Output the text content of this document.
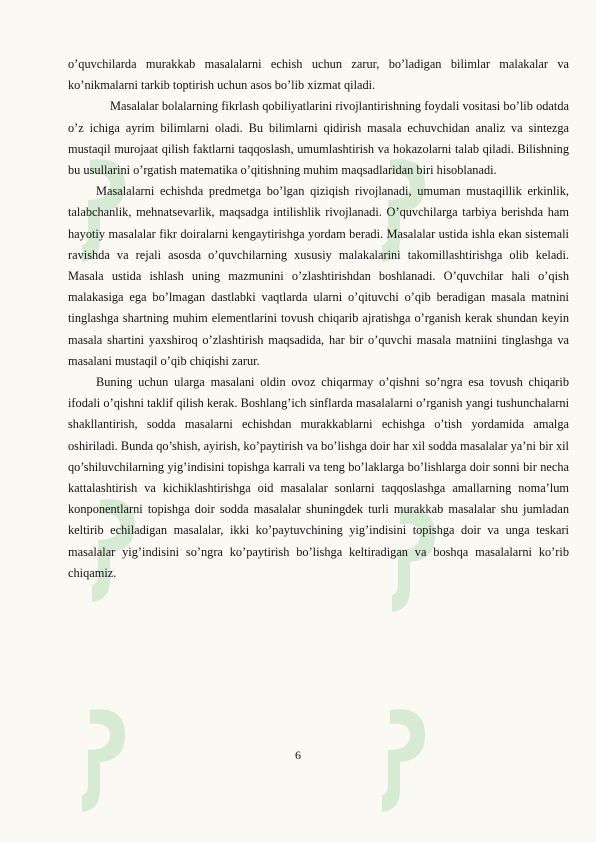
o’quvchilarda murakkab masalalarni echish uchun zarur, bo’ladigan bilimlar malakalar va ko’nikmalarni tarkib toptirish uchun asos bo’lib xizmat qiladi.

Masalalar bolalarning fikrlash qobiliyatlarini rivojlantirishning foydali vositasi bo’lib odatda o’z ichiga ayrim bilimlarni oladi. Bu bilimlarni qidirish masala echuvchidan analiz va sintezga mustaqil murojaat qilish faktlarni taqqoslash, umumlashtirish va hokazolarni talab qiladi. Bilishning bu usullarini o’rgatish matematika o’qitishning muhim maqsadlaridan biri hisoblanadi.

Masalalarni echishda predmetga bo’lgan qiziqish rivojlanadi, umuman mustaqillik erkinlik, talabchanlik, mehnatsevarlik, maqsadga intilishlik rivojlanadi. O’quvchilarga tarbiya berishda ham hayotiy masalalar fikr doiralarni kengaytirishga yordam beradi. Masalalar ustida ishla ekan sistemali ravishda va rejali asosda o’quvchilarning xususiy malakalarini takomillashtirishga olib keladi. Masala ustida ishlash uning mazmunini o’zlashtirishdan boshlanadi. O’quvchilar hali o’qish malakasiga ega bo’lmagan dastlabki vaqtlarda ularni o’qituvchi o’qib beradigan masala matnini tinglashga shartning muhim elementlarini tovush chiqarib ajratishga o’rganish kerak shundan keyin masala shartini yaxshiroq o’zlashtirish maqsadida, har bir o’quvchi masala matniini tinglashga va masalani mustaqil o’qib chiqishi zarur.

Buning uchun ularga masalani oldin ovoz chiqarmay o’qishni so’ngra esa tovush chiqarib ifodali o’qishni taklif qilish kerak. Boshlang’ich sinflarda masalalarni o’rganish yangi tushunchalarni shakllantirish, sodda masalarni echishdan murakkablarni echishga o’tish yordamida amalga oshiriladi. Bunda qo’shish, ayirish, ko’paytirish va bo’lishga doir har xil sodda masalalar ya’ni bir xil qo’shiluvchilarning yig’indisini topishga karrali va teng bo’laklarga bo’lishlarga doir sonni bir necha kattalashtirish va kichiklashtirishga oid masalalar sonlarni taqqoslashga amallarning noma’lum konponentlarni topishga doir sodda masalalar shuningdek turli murakkab masalalar shu jumladan keltirib echiladigan masalalar, ikki ko’paytuvchining yig’indisini topishga doir va unga teskari masalalar yig’indisini so’ngra ko’paytirish bo’lishga keltiradigan va boshqa masalalarni ko’rib chiqamiz.

6
